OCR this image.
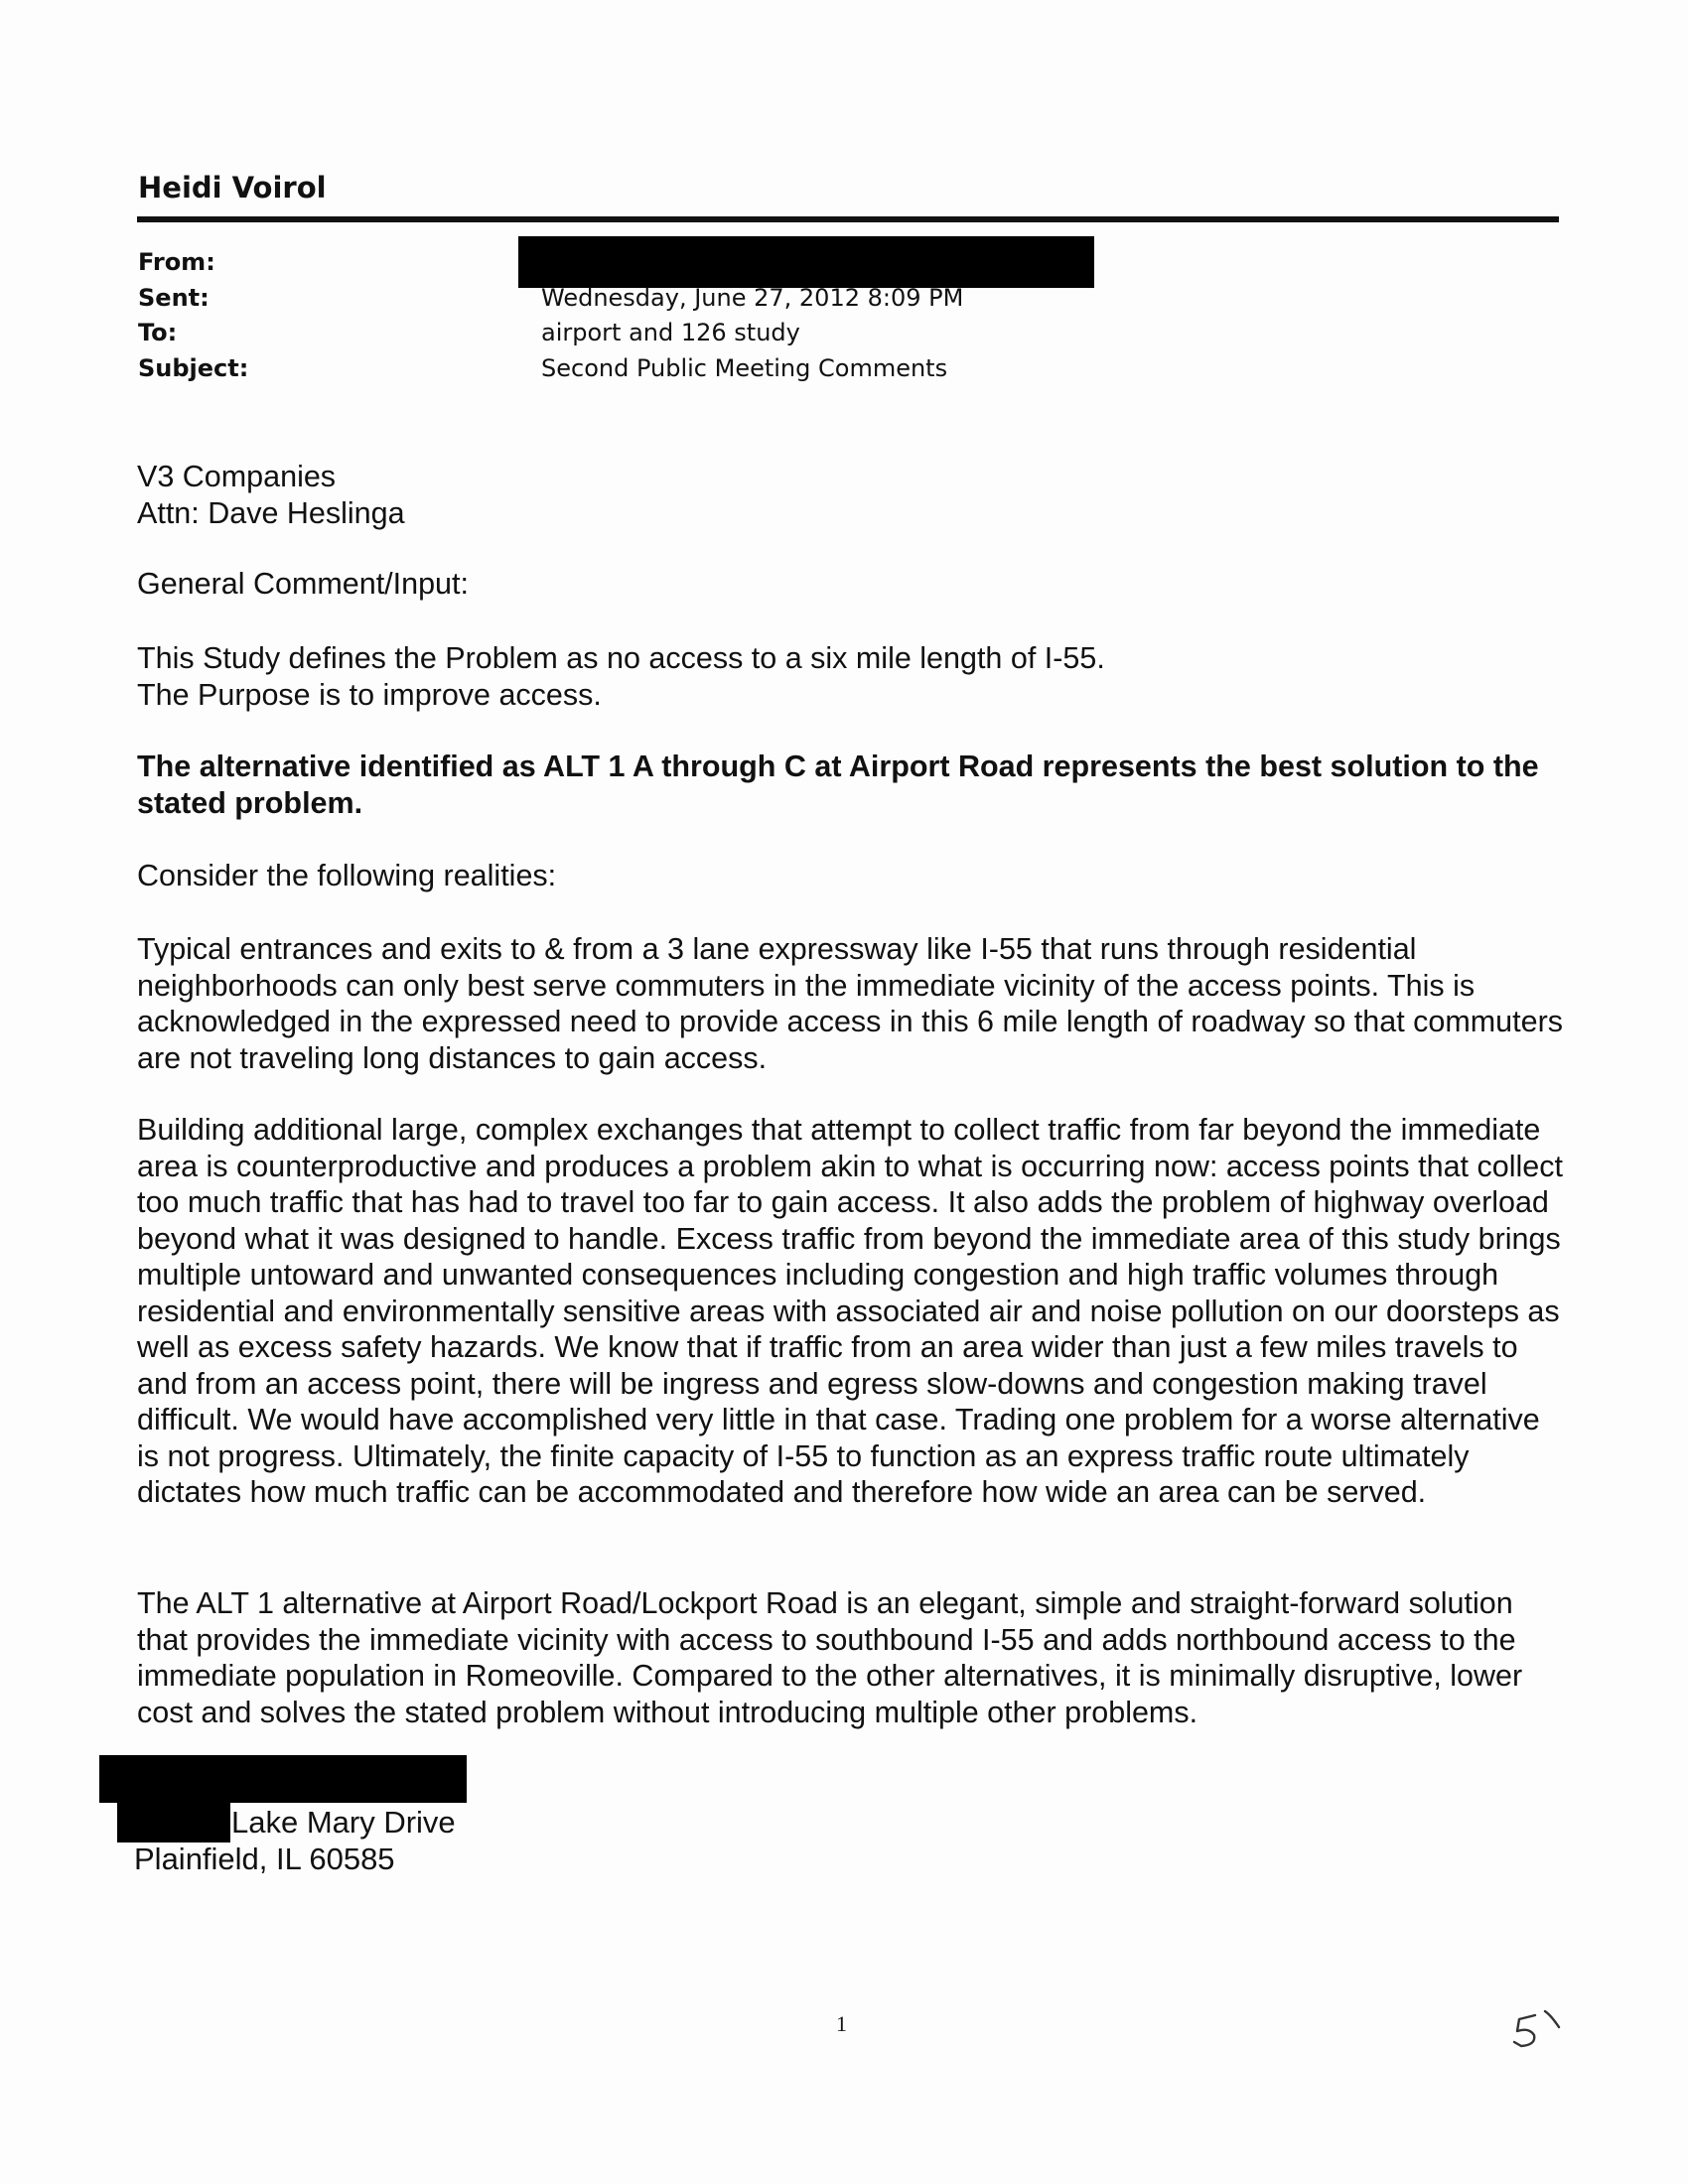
Heidi Voirol
From:
Sent:	Wednesday, June 27, 2012 8:09 PM
To:	airport and 126 study
Subject:	Second Public Meeting Comments

V3 Companies

Attn: Dave Heslinga

General Comment/Input:

This Study defines the Problem as no access to a six mile length of I-55.

The Purpose is to improve access.

The alternative identified as ALT 1 A through C at Airport Road represents the best solution to the stated problem.

Consider the following realities:

Typical entrances and exits to & from a 3 lane expressway like I-55 that runs through residential neighborhoods can only best serve commuters in the immediate vicinity of the access points. This is acknowledged in the expressed need to provide access in this 6 mile length of roadway so that commuters are not traveling long distances to gain access.

Building additional large, complex exchanges that attempt to collect traffic from far beyond the immediate area is counterproductive and produces a problem akin to what is occurring now: access points that collect too much traffic that has had to travel too far to gain access. It also adds the problem of highway overload beyond what it was designed to handle. Excess traffic from beyond the immediate area of this study brings multiple untoward and unwanted consequences including congestion and high traffic volumes through residential and environmentally sensitive areas with associated air and noise pollution on our doorsteps as well as excess safety hazards. We know that if traffic from an area wider than just a few miles travels to and from an access point, there will be ingress and egress slow-downs and congestion making travel difficult. We would have accomplished very little in that case. Trading one problem for a worse alternative is not progress. Ultimately, the finite capacity of I-55 to function as an express traffic route ultimately dictates how much traffic can be accommodated and therefore how wide an area can be served.

The ALT 1 alternative at Airport Road/Lockport Road is an elegant, simple and straight-forward solution that provides the immediate vicinity with access to southbound I-55 and adds northbound access to the immediate population in Romeoville. Compared to the other alternatives, it is minimally disruptive, lower cost and solves the stated problem without introducing multiple other problems.

Lake Mary Drive
Plainfield, IL 60585
1
